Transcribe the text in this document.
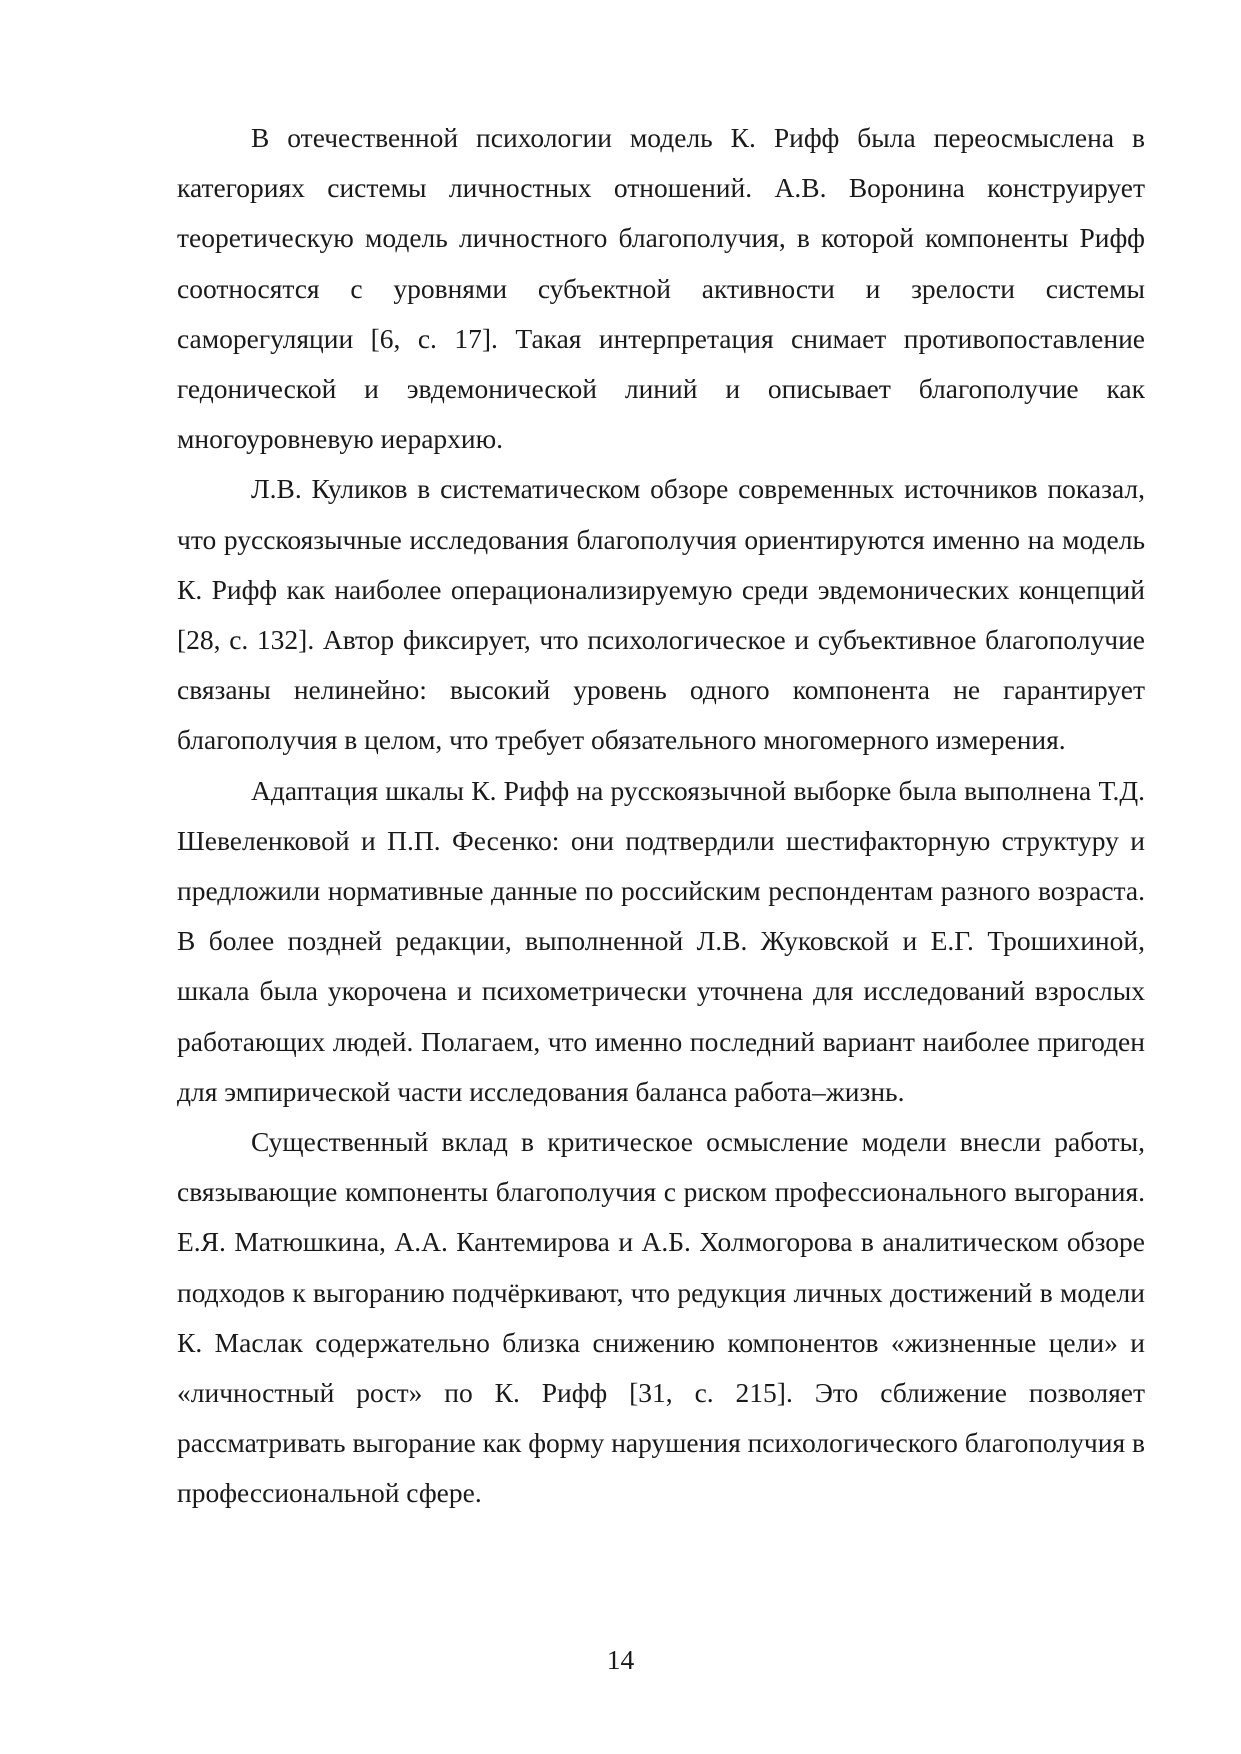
В отечественной психологии модель К. Рифф была переосмыслена в категориях системы личностных отношений. А.В. Воронина конструирует теоретическую модель личностного благополучия, в которой компоненты Рифф соотносятся с уровнями субъектной активности и зрелости системы саморегуляции [6, с. 17]. Такая интерпретация снимает противопоставление гедонической и эвдемонической линий и описывает благополучие как многоуровневую иерархию.

Л.В. Куликов в систематическом обзоре современных источников показал, что русскоязычные исследования благополучия ориентируются именно на модель К. Рифф как наиболее операционализируемую среди эвдемонических концепций [28, с. 132]. Автор фиксирует, что психологическое и субъективное благополучие связаны нелинейно: высокий уровень одного компонента не гарантирует благополучия в целом, что требует обязательного многомерного измерения.

Адаптация шкалы К. Рифф на русскоязычной выборке была выполнена Т.Д. Шевеленковой и П.П. Фесенко: они подтвердили шестифакторную структуру и предложили нормативные данные по российским респондентам разного возраста. В более поздней редакции, выполненной Л.В. Жуковской и Е.Г. Трошихиной, шкала была укорочена и психометрически уточнена для исследований взрослых работающих людей. Полагаем, что именно последний вариант наиболее пригоден для эмпирической части исследования баланса работа–жизнь.

Существенный вклад в критическое осмысление модели внесли работы, связывающие компоненты благополучия с риском профессионального выгорания. Е.Я. Матюшкина, А.А. Кантемирова и А.Б. Холмогорова в аналитическом обзоре подходов к выгоранию подчёркивают, что редукция личных достижений в модели К. Маслак содержательно близка снижению компонентов «жизненные цели» и «личностный рост» по К. Рифф [31, с. 215]. Это сближение позволяет рассматривать выгорание как форму нарушения психологического благополучия в профессиональной сфере.

14
